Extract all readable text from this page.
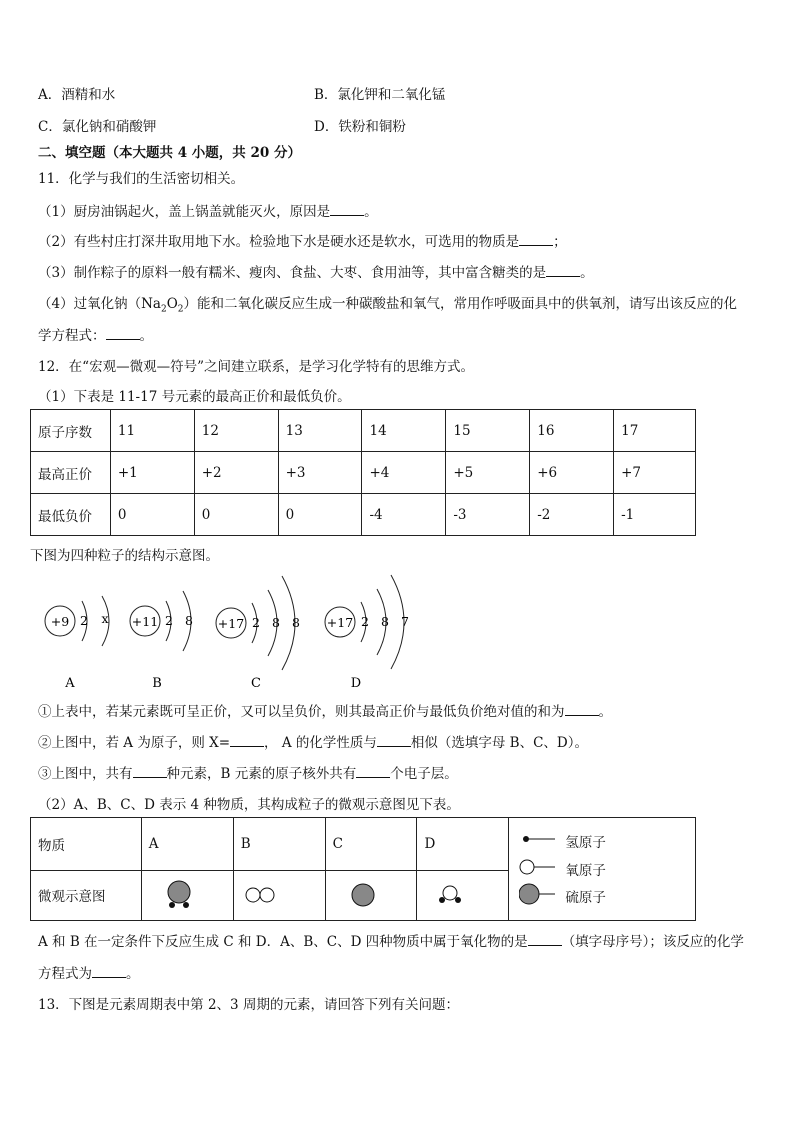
A．酒精和水	B．氯化钾和二氧化锰
C．氯化钠和硝酸钾	D．铁粉和铜粉
二、填空题（本大题共 4 小题，共 20 分）
11．化学与我们的生活密切相关。
（1）厨房油锅起火，盖上锅盖就能灭火，原因是	。
（2）有些村庄打深井取用地下水。检验地下水是硬水还是软水，可选用的物质是	；
（3）制作粽子的原料一般有糯米、瘦肉、食盐、大枣、食用油等，其中富含糖类的是	。
（4）过氧化钠$(Na_2O_2)$能和二氧化碳反应生成一种碳酸盐和氧气，常用作呼吸面具中的供氧剂，请写出该反应的化
学方程式：	。
12．在“宏观—微观—符号”之间建立联系，是学习化学特有的思维方式。
（1）下表是 11-17 号元素的最高正价和最低负价。
原子序数	11	12	13	14	15	16	17
最高正价	+1	+2	+3	+4	+5	+6	+7
最低负价	0	0	0	-4	-3	-2	-1
下图为四种粒子的结构示意图。
+9 2 x
A
+11 2 8
B
+17 2 8 8
C
+17 2 8 7
D
①上表中，若某元素既可呈正价，又可以呈负价，则其最高正价与最低负价绝对值的和为	。
②上图中，若 A 为原子，则 X=	， A 的化学性质与	相似（选填字母 B、C、D）。
③上图中，共有	种元素，B 元素的原子核外共有	个电子层。
（2）A、B、C、D 表示 4 种物质，其构成粒子的微观示意图见下表。
物质	A	B	C	D	氢原子
氧原子
硫原子

微观示意图	

A 和 B 在一定条件下反应生成 C 和 D．A、B、C、D 四种物质中属于氧化物的是	（填字母序号）；该反应的化学
方程式为	。
13．下图是元素周期表中第 2、3 周期的元素，请回答下列有关问题：
